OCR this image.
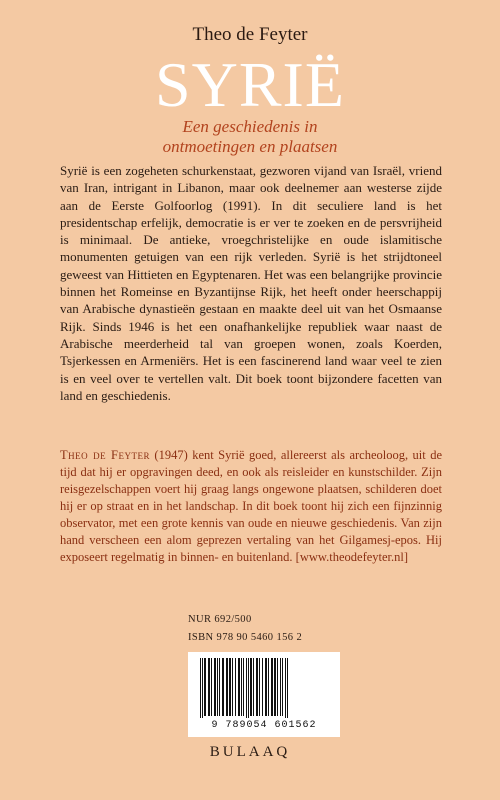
Theo de Feyter
SYRIË
Een geschiedenis in
ontmoetingen en plaatsen

Syrië is een zogeheten schurkenstaat, gezworen vijand van Israël, vriend van Iran, intrigant in Libanon, maar ook deelnemer aan westerse zijde aan de Eerste Golfoorlog (1991). In dit seculiere land is het presidentschap erfelijk, democratie is er ver te zoeken en de persvrijheid is minimaal. De antieke, vroegchristelijke en oude islamitische monumenten getuigen van een rijk verleden. Syrië is het strijdtoneel geweest van Hittieten en Egyptenaren. Het was een belangrijke provincie binnen het Romeinse en Byzantijnse Rijk, het heeft onder heerschappij van Arabische dynastieën gestaan en maakte deel uit van het Osmaanse Rijk. Sinds 1946 is het een onafhankelijke republiek waar naast de Arabische meerderheid tal van groepen wonen, zoals Koerden, Tsjerkessen en Armeniërs. Het is een fascinerend land waar veel te zien is en veel over te vertellen valt. Dit boek toont bijzondere facetten van land en geschiedenis.

Theo de Feyter (1947) kent Syrië goed, allereerst als archeoloog, uit de tijd dat hij er opgravingen deed, en ook als reisleider en kunstschilder. Zijn reisgezelschappen voert hij graag langs ongewone plaatsen, schilderen doet hij er op straat en in het landschap. In dit boek toont hij zich een fijnzinnig observator, met een grote kennis van oude en nieuwe geschiedenis. Van zijn hand verscheen een alom geprezen vertaling van het Gilgamesj-epos. Hij exposeert regelmatig in binnen- en buitenland. [www.theodefeyter.nl]

NUR 692/500
ISBN 978 90 5460 156 2
9 789054 601562
BULAAQ
